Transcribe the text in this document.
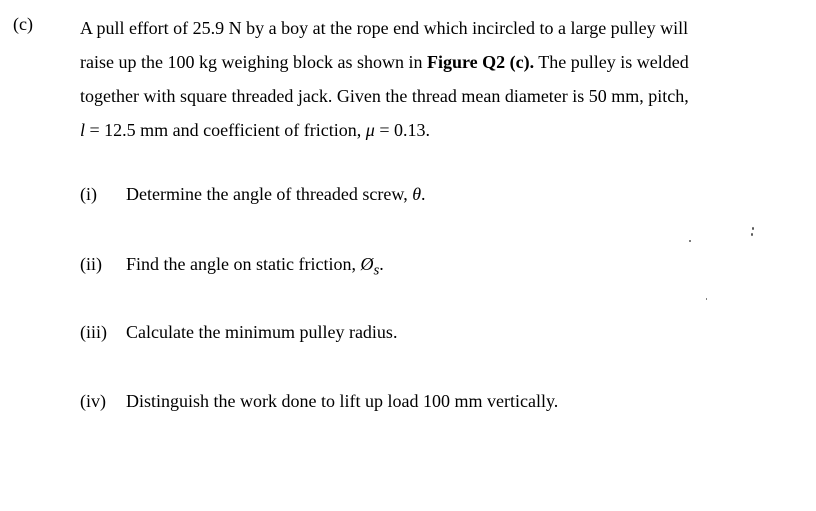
(c)	A pull effort of 25.9 N by a boy at the rope end which incircled to a large pulley will
raise up the 100 kg weighing block as shown in Figure Q2 (c). The pulley is welded
together with square threaded jack. Given the thread mean diameter is 50 mm, pitch,
l = 12.5 mm and coefficient of friction, μ = 0.13.
(i) Determine the angle of threaded screw, θ.
(ii) Find the angle on static friction, $Ø_s$.
(iii) Calculate the minimum pulley radius.
(iv) Distinguish the work done to lift up load 100 mm vertically.
